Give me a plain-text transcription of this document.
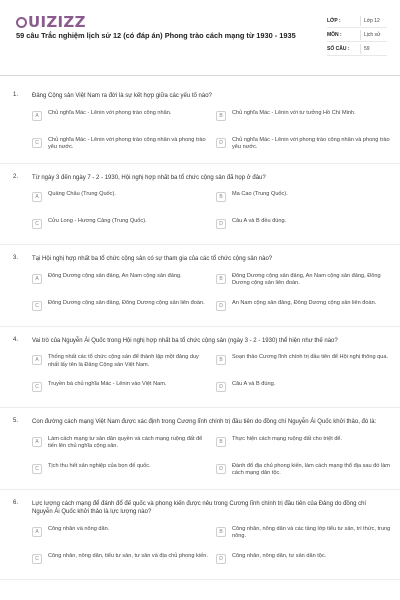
UIZIZZ
59 câu Trắc nghiệm lịch sử 12 (có đáp án) Phong trào cách mạng từ 1930 - 1935
LỚP :	Lớp 12
MÔN :	Lịch sử
SỐ CÂU :	59
1. Đảng Cộng sản Việt Nam ra đời là sự kết hợp giữa các yếu tố nào?
A	Chủ nghĩa Mác - Lênin với phong trào công nhân.	B	Chủ nghĩa Mác - Lênin với tư tưởng Hồ Chí Minh.
C	Chủ nghĩa Mác - Lênin với phong trào công nhân và phong trào yêu nước.
D	Chủ nghĩa Mác - Lênin với phong trào công nhân và phong trào yêu nước.
2. Từ ngày 3 đến ngày 7 - 2 - 1930, Hội nghị hợp nhất ba tổ chức cộng sản đã họp ở đâu?
A	Quảng Châu (Trung Quốc).	B	Ma Cao (Trung Quốc).
C	Cửu Long - Hương Cảng (Trung Quốc).	D	Câu A và B đều đúng.
3. Tại Hội nghị hợp nhất ba tổ chức cộng sản có sự tham gia của các tổ chức cộng sản nào?
A	Đông Dương cộng sản đảng, An Nam cộng sản đảng.	B	Đông Dương cộng sản đảng, An Nam cộng sản đảng, Đông Dương cộng sản liên đoàn.
C	Đông Dương cộng sản đảng, Đông Dương cộng sản liên đoàn.	D	An Nam cộng sản đảng, Đông Dương cộng sản liên đoàn.
4. Vai trò của Nguyễn Ái Quốc trong Hội nghị hợp nhất ba tổ chức cộng sản (ngày 3 - 2 - 1930) thể hiện như thế nào?
A	Thống nhất các tổ chức cộng sản để thành lập một đảng duy nhất lấy tên là Đảng Cộng sản Việt Nam.
B	Soạn thảo Cương lĩnh chính trị đầu tiên để Hội nghị thông qua.
C	Truyền bá chủ nghĩa Mác - Lênin vào Việt Nam.	D	Câu A và B đúng.
5. Con đường cách mạng Việt Nam được xác định trong Cương lĩnh chính trị đầu tiên do đồng chí Nguyễn Ái Quốc khởi thảo, đó là:
A	Làm cách mạng tư sản dân quyền và cách mạng ruộng đất để tiến lên chủ nghĩa cộng sản.
B	Thực hiện cách mạng ruộng đất cho triệt để.
C	Tịch thu hết sản nghiệp của bọn đế quốc.	D	Đánh đổ địa chủ phong kiến, làm cách mạng thổ địa sau đó làm cách mạng dân tộc.
6. Lực lượng cách mạng để đánh đổ đế quốc và phong kiến được nêu trong Cương lĩnh chính trị đầu tiên của Đảng do đồng chí Nguyễn Ái Quốc khởi thảo là lực lượng nào?
A	Công nhân và nông dân.	B	Công nhân, nông dân và các tầng lớp tiểu tư sản, trí thức, trung nông.
C	Công nhân, nông dân, tiểu tư sản, tư sản và địa chủ phong kiến.	D	Công nhân, nông dân, tư sản dân tộc.
